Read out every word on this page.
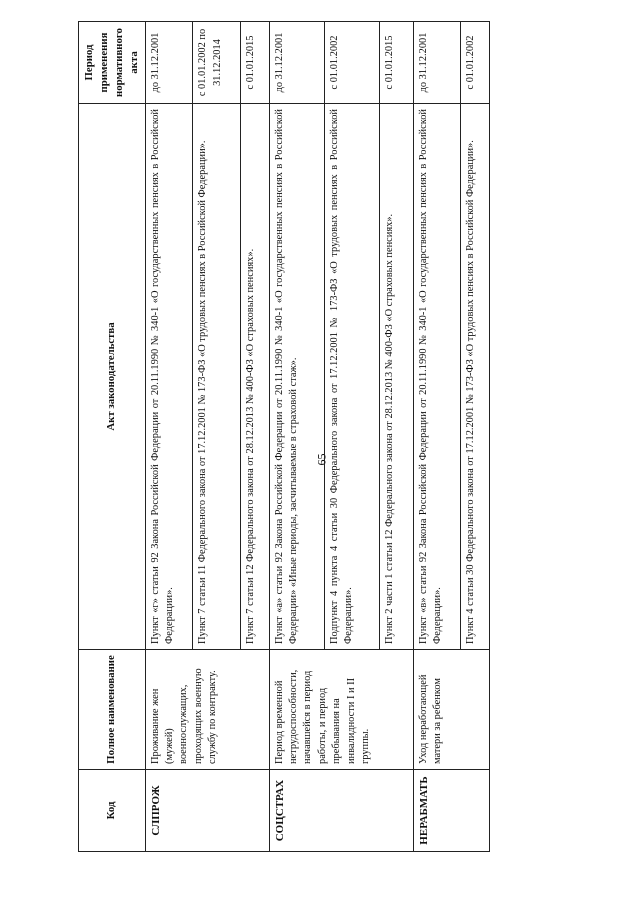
65
Код	Полное наименование	Акт законодательства	Период применения нормативного акта
СЛПРОЖ	Проживание жен (мужей) военнослужащих, проходящих военную службу по контракту.	Пункт «г» статьи 92 Закона Российской Федерации от 20.11.1990 № 340-1 «О государственных пенсиях в Российской Федерации».	до 31.12.2001
		Пункт 7 статьи 11 Федерального закона от 17.12.2001 № 173-ФЗ «О трудовых пенсиях в Российской Федерации».	с 01.01.2002 по 31.12.2014
		Пункт 7 статьи 12 Федерального закона от 28.12.2013 № 400-ФЗ «О страховых пенсиях».	с 01.01.2015
СОЦСТРАХ	Период временной нетрудоспособности, начавшейся в период работы, и период пребывания на инвалидности I и II группы.	Пункт «а» статьи 92 Закона Российской Федерации от 20.11.1990 № 340-1 «О государственных пенсиях в Российской Федерации» «Иные периоды, засчитываемые в страховой стаж».	до 31.12.2001
		Подпункт 4 пункта 4 статьи 30 Федерального закона от 17.12.2001 № 173-ФЗ «О трудовых пенсиях в Российской Федерации».	с 01.01.2002
		Пункт 2 части 1 статьи 12 Федерального закона от 28.12.2013 № 400-ФЗ «О страховых пенсиях».	с 01.01.2015
НЕРАБМАТЬ	Уход неработающей матери за ребенком	Пункт «в» статьи 92 Закона Российской Федерации от 20.11.1990 № 340-1 «О государственных пенсиях в Российской Федерации».	до 31.12.2001
		Пункт 4 статьи 30 Федерального закона от 17.12.2001 № 173-ФЗ «О трудовых пенсиях в Российской Федерации».	с 01.01.2002
